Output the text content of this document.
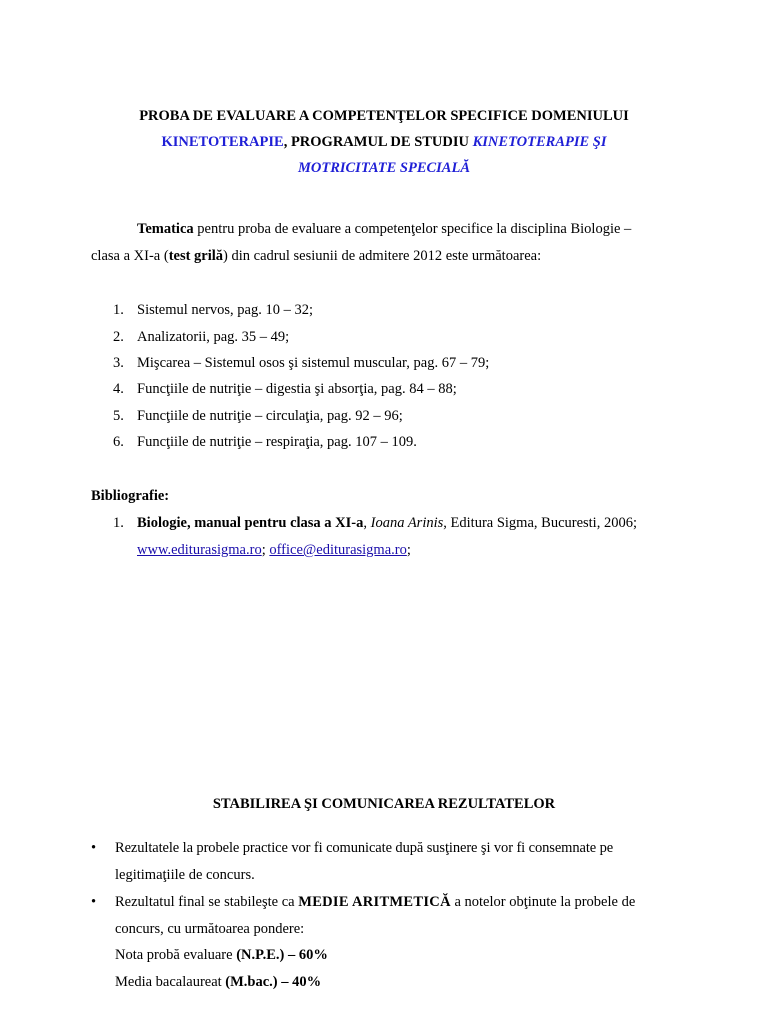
PROBA DE EVALUARE A COMPETENŢELOR SPECIFICE DOMENIULUI
KINETOTERAPIE, PROGRAMUL DE STUDIU KINETOTERAPIE ŞI
MOTRICITATE SPECIALĂ
Tematica pentru proba de evaluare a competenţelor specifice la disciplina Biologie –
clasa a XI-a (test grilă) din cadrul sesiunii de admitere 2012 este următoarea:
1. Sistemul nervos, pag. 10 – 32;
2. Analizatorii, pag. 35 – 49;
3. Mişcarea – Sistemul osos şi sistemul muscular, pag. 67 – 79;
4. Funcţiile de nutriţie – digestia şi absorţia, pag. 84 – 88;
5. Funcţiile de nutriţie – circulaţia, pag. 92 – 96;
6. Funcţiile de nutriţie – respiraţia, pag. 107 – 109.
Bibliografie:
1. Biologie, manual pentru clasa a XI-a, Ioana Arinis, Editura Sigma, Bucuresti, 2006;
www.editurasigma.ro; office@editurasigma.ro;
STABILIREA ŞI COMUNICAREA REZULTATELOR
• Rezultatele la probele practice vor fi comunicate după susţinere şi vor fi consemnate pe
legitimaţiile de concurs.
• Rezultatul final se stabileşte ca MEDIE ARITMETICĂ a notelor obţinute la probele de
concurs, cu următoarea pondere:
Nota probă evaluare (N.P.E.) – 60%
Media bacalaureat (M.bac.) – 40%
